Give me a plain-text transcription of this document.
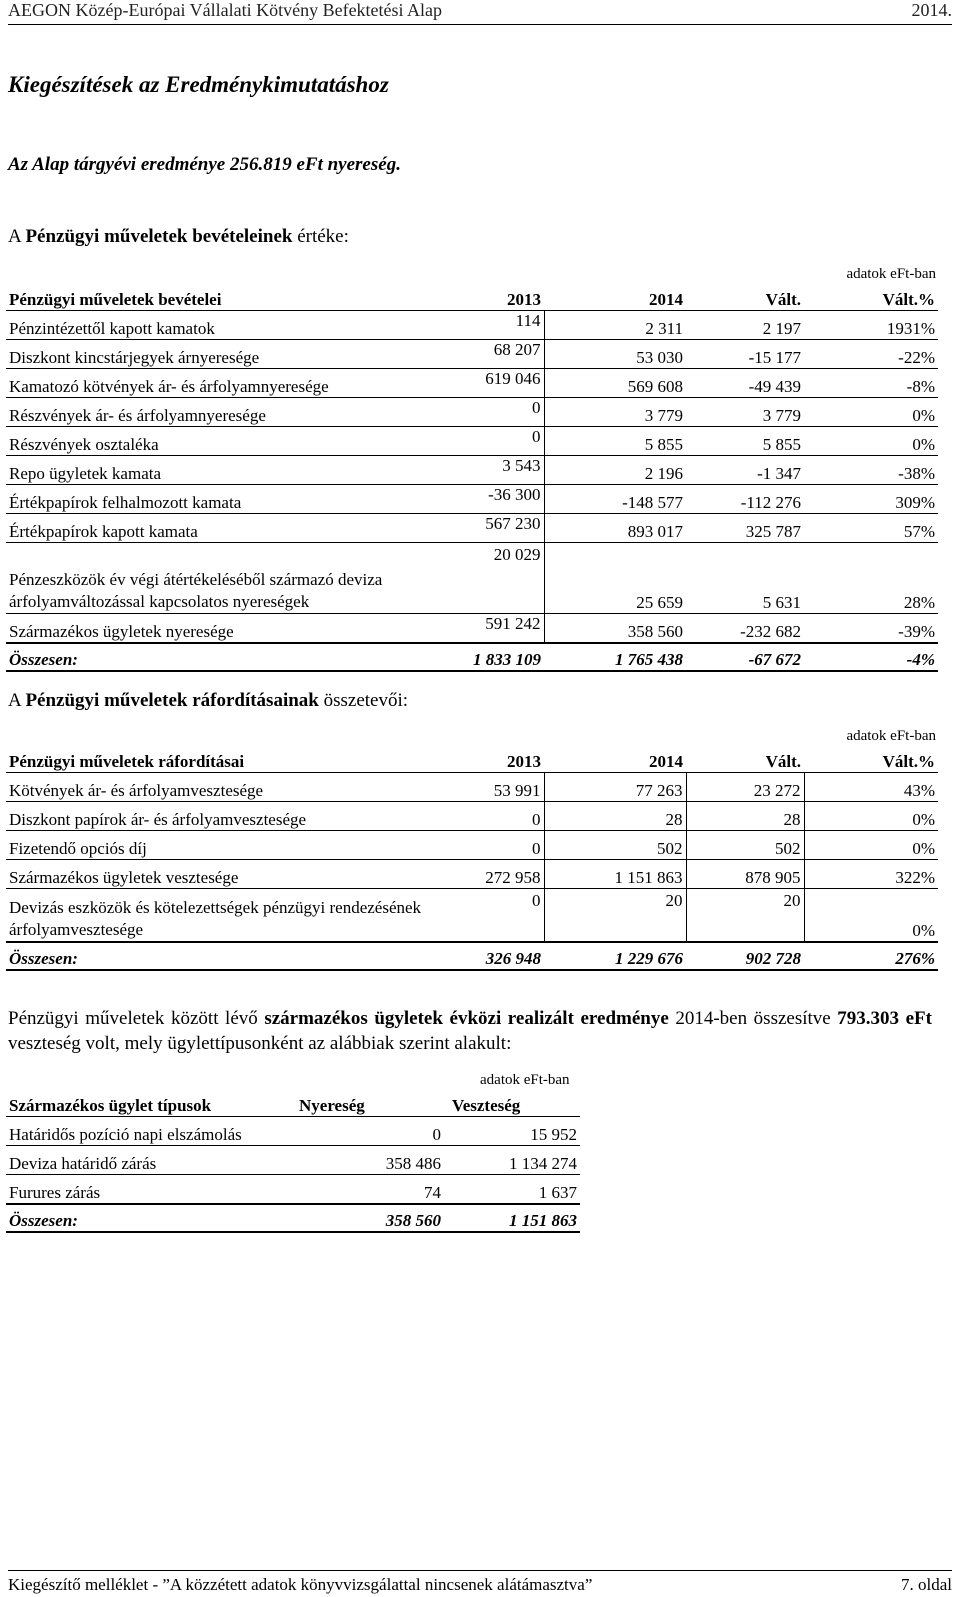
AEGON Közép-Európai Vállalati Kötvény Befektetési Alap	2014.
Kiegészítések az Eredménykimutatáshoz
Az Alap tárgyévi eredménye 256.819 eFt nyereség.
A Pénzügyi műveletek bevételeinek értéke:
adatok eFt-ban
Pénzügyi műveletek bevételei	2013	2014	Vált.	Vált.%
Pénzintézettől kapott kamatok	114	2 311	2 197	1931%
Diszkont kincstárjegyek árnyeresége	68 207	53 030	-15 177	-22%
Kamatozó kötvények ár- és árfolyamnyeresége	619 046	569 608	-49 439	-8%
Részvények ár- és árfolyamnyeresége	0	3 779	3 779	0%
Részvények osztaléka	0	5 855	5 855	0%
Repo ügyletek kamata	3 543	2 196	-1 347	-38%
Értékpapírok felhalmozott kamata	-36 300	-148 577	-112 276	309%
Értékpapírok kapott kamata	567 230	893 017	325 787	57%
Pénzeszközök év végi átértékeléséből származó deviza árfolyamváltozással kapcsolatos nyereségek	20 029	25 659	5 631	28%
Származékos ügyletek nyeresége	591 242	358 560	-232 682	-39%
Összesen:	1 833 109	1 765 438	-67 672	-4%
A Pénzügyi műveletek ráfordításainak összetevői:
adatok eFt-ban
Pénzügyi műveletek ráfordításai	2013	2014	Vált.	Vált.%
Kötvények ár- és árfolyamvesztesége	53 991	77 263	23 272	43%
Diszkont papírok ár- és árfolyamvesztesége	0	28	28	0%
Fizetendő opciós díj	0	502	502	0%
Származékos ügyletek vesztesége	272 958	1 151 863	878 905	322%
Devizás eszközök és kötelezettségek pénzügyi rendezésének árfolyamvesztesége	0	20	20	0%
Összesen:	326 948	1 229 676	902 728	276%
Pénzügyi műveletek között lévő származékos ügyletek évközi realizált eredménye 2014-ben összesítve 793.303 eFt veszteség volt, mely ügylettípusonként az alábbiak szerint alakult:
adatok eFt-ban
Származékos ügylet típusok	Nyereség	Veszteség
Határidős pozíció napi elszámolás	0	15 952
Deviza határidő zárás	358 486	1 134 274
Furures zárás	74	1 637
Összesen:	358 560	1 151 863
Kiegészítő melléklet - ”A közzétett adatok könyvvizsgálattal nincsenek alátámasztva”	7. oldal
